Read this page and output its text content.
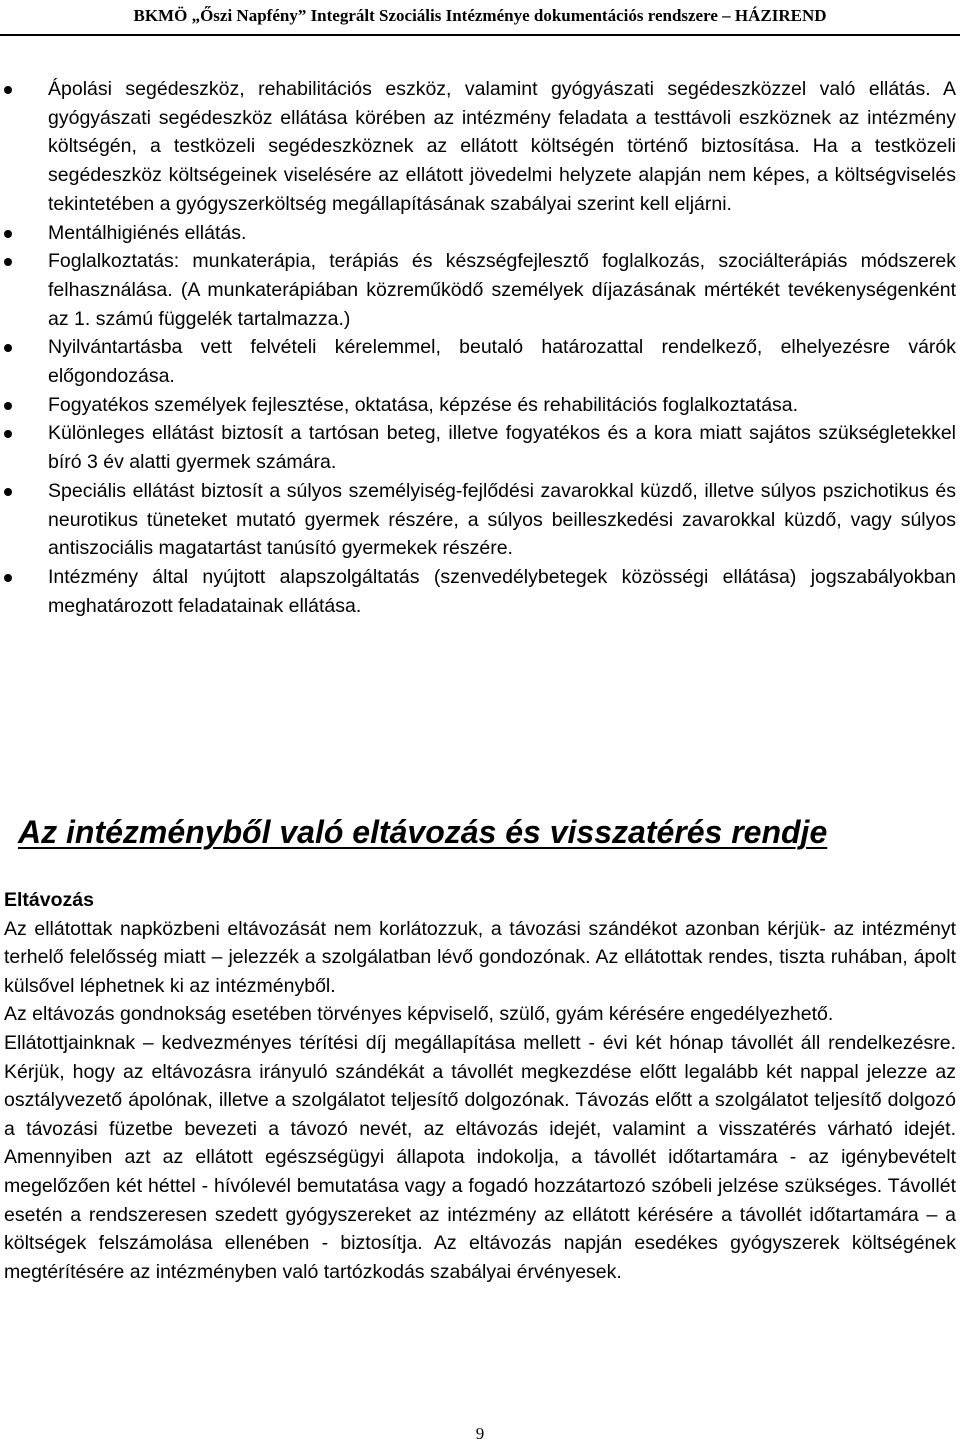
BKMÖ „Őszi Napfény” Integrált Szociális Intézménye dokumentációs rendszere – HÁZIREND
Ápolási segédeszköz, rehabilitációs eszköz, valamint gyógyászati segédeszközzel való ellátás. A gyógyászati segédeszköz ellátása körében az intézmény feladata a testtávoli eszköznek az intézmény költségén, a testközeli segédeszköznek az ellátott költségén történő biztosítása. Ha a testközeli segédeszköz költségeinek viselésére az ellátott jövedelmi helyzete alapján nem képes, a költségviselés tekintetében a gyógyszerköltség megállapításának szabályai szerint kell eljárni.
Mentálhigiénés ellátás.
Foglalkoztatás: munkaterápia, terápiás és készségfejlesztő foglalkozás, szociálterápiás módszerek felhasználása. (A munkaterápiában közreműködő személyek díjazásának mértékét tevékenységenként az 1. számú függelék tartalmazza.)
Nyilvántartásba vett felvételi kérelemmel, beutaló határozattal rendelkező, elhelyezésre várók előgondozása.
Fogyatékos személyek fejlesztése, oktatása, képzése és rehabilitációs foglalkoztatása.
Különleges ellátást biztosít a tartósan beteg, illetve fogyatékos és a kora miatt sajátos szükségletekkel bíró 3 év alatti gyermek számára.
Speciális ellátást biztosít a súlyos személyiség-fejlődési zavarokkal küzdő, illetve súlyos pszichotikus és neurotikus tüneteket mutató gyermek részére, a súlyos beilleszkedési zavarokkal küzdő, vagy súlyos antiszociális magatartást tanúsító gyermekek részére.
Intézmény által nyújtott alapszolgáltatás (szenvedélybetegek közösségi ellátása) jogszabályokban meghatározott feladatainak ellátása.
Az intézményből való eltávozás és visszatérés rendje

Eltávozás

Az ellátottak napközbeni eltávozását nem korlátozzuk, a távozási szándékot azonban kérjük- az intézményt terhelő felelősség miatt – jelezzék a szolgálatban lévő gondozónak. Az ellátottak rendes, tiszta ruhában, ápolt külsővel léphetnek ki az intézményből.

Az eltávozás gondnokság esetében törvényes képviselő, szülő, gyám kérésére engedélyezhető.

Ellátottjainknak – kedvezményes térítési díj megállapítása mellett - évi két hónap távollét áll rendelkezésre. Kérjük, hogy az eltávozásra irányuló szándékát a távollét megkezdése előtt legalább két nappal jelezze az osztályvezető ápolónak, illetve a szolgálatot teljesítő dolgozónak. Távozás előtt a szolgálatot teljesítő dolgozó a távozási füzetbe bevezeti a távozó nevét, az eltávozás idejét, valamint a visszatérés várható idejét. Amennyiben azt az ellátott egészségügyi állapota indokolja, a távollét időtartamára - az igénybevételt megelőzően két héttel - hívólevél bemutatása vagy a fogadó hozzátartozó szóbeli jelzése szükséges. Távollét esetén a rendszeresen szedett gyógyszereket az intézmény az ellátott kérésére a távollét időtartamára – a költségek felszámolása ellenében - biztosítja. Az eltávozás napján esedékes gyógyszerek költségének megtérítésére az intézményben való tartózkodás szabályai érvényesek.

9
